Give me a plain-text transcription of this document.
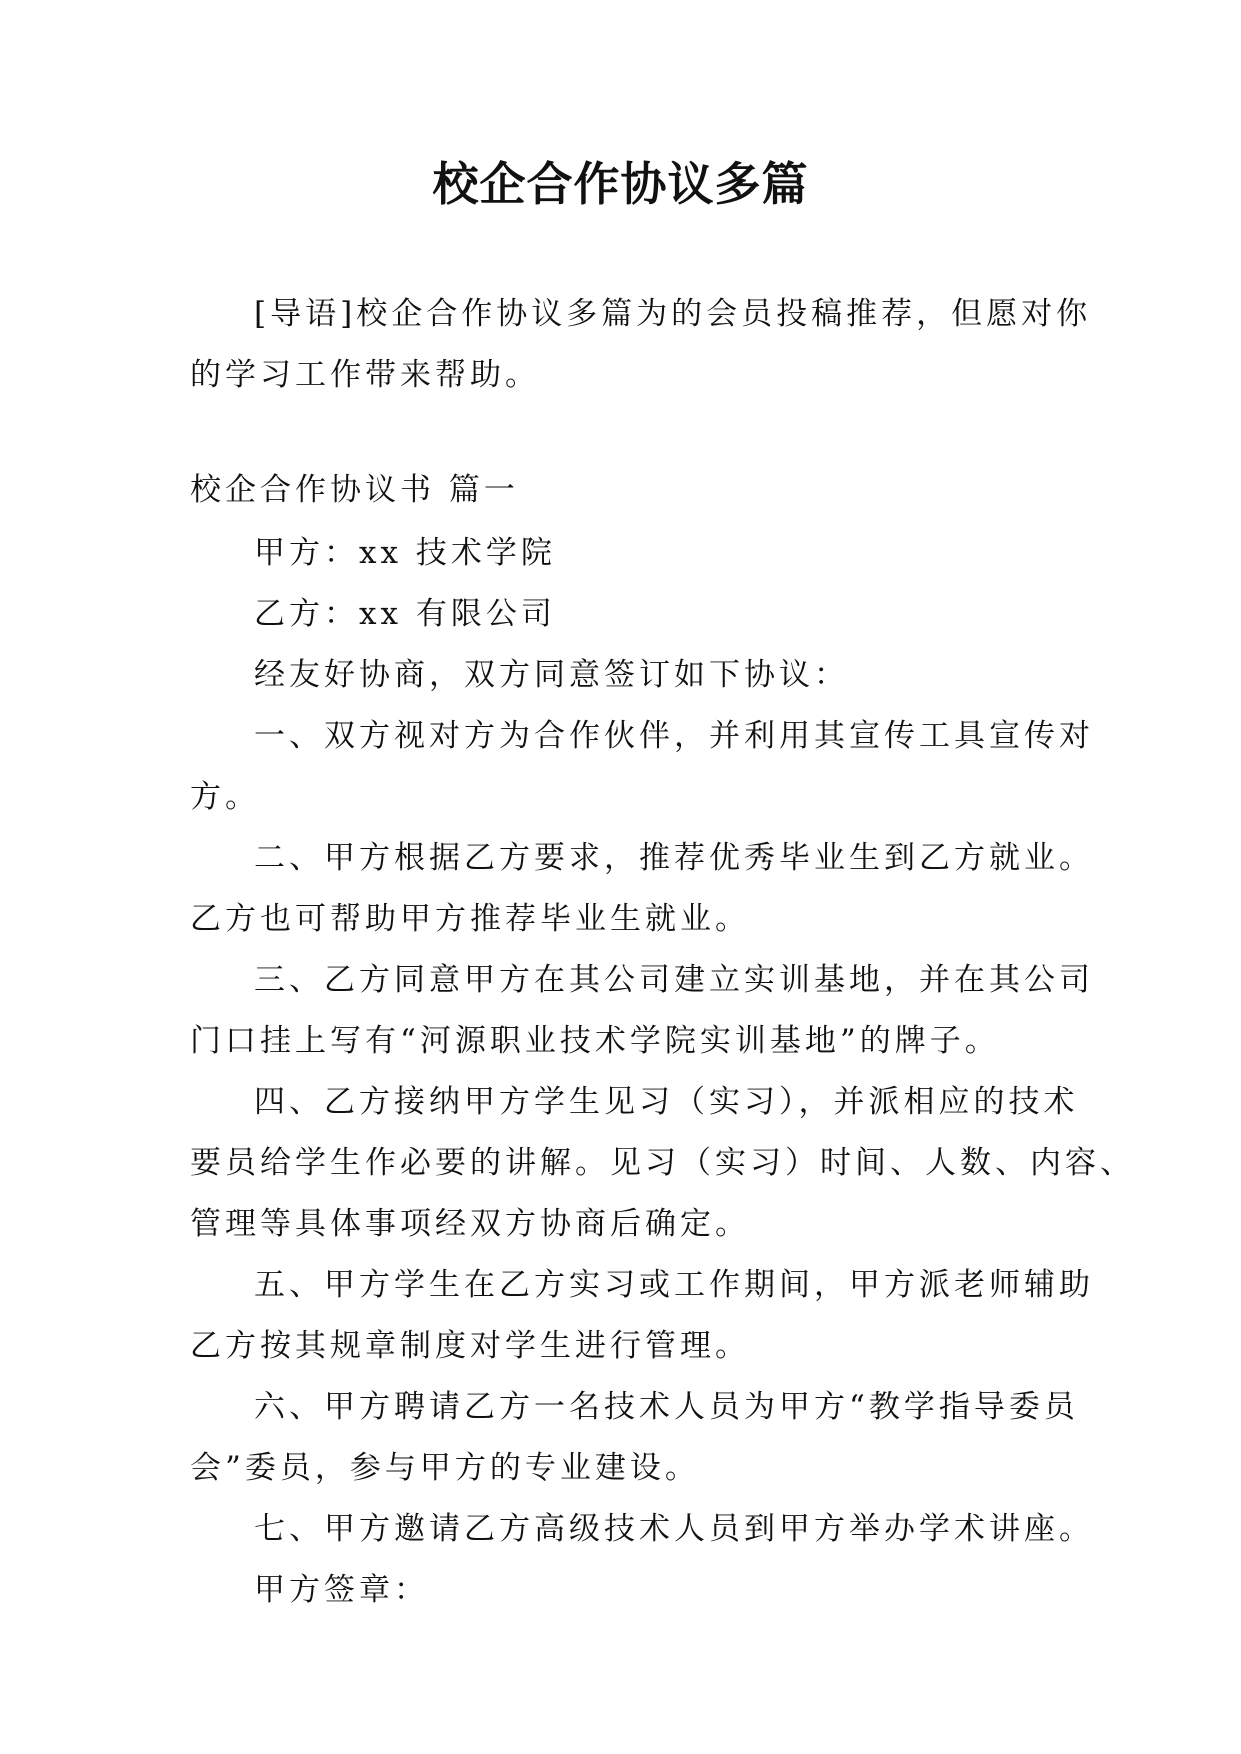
校企合作协议多篇

[导语]校企合作协议多篇为的会员投稿推荐，但愿对你

的学习工作带来帮助。

校企合作协议书 篇一

甲方：xx 技术学院

乙方：xx 有限公司

经友好协商，双方同意签订如下协议：

一、双方视对方为合作伙伴，并利用其宣传工具宣传对

方。

二、甲方根据乙方要求，推荐优秀毕业生到乙方就业。

乙方也可帮助甲方推荐毕业生就业。

三、乙方同意甲方在其公司建立实训基地，并在其公司

门口挂上写有“河源职业技术学院实训基地”的牌子。

四、乙方接纳甲方学生见习（实习），并派相应的技术

要员给学生作必要的讲解。见习（实习）时间、人数、内容、

管理等具体事项经双方协商后确定。

五、甲方学生在乙方实习或工作期间，甲方派老师辅助

乙方按其规章制度对学生进行管理。

六、甲方聘请乙方一名技术人员为甲方“教学指导委员

会”委员，参与甲方的专业建设。

七、甲方邀请乙方高级技术人员到甲方举办学术讲座。

甲方签章：
